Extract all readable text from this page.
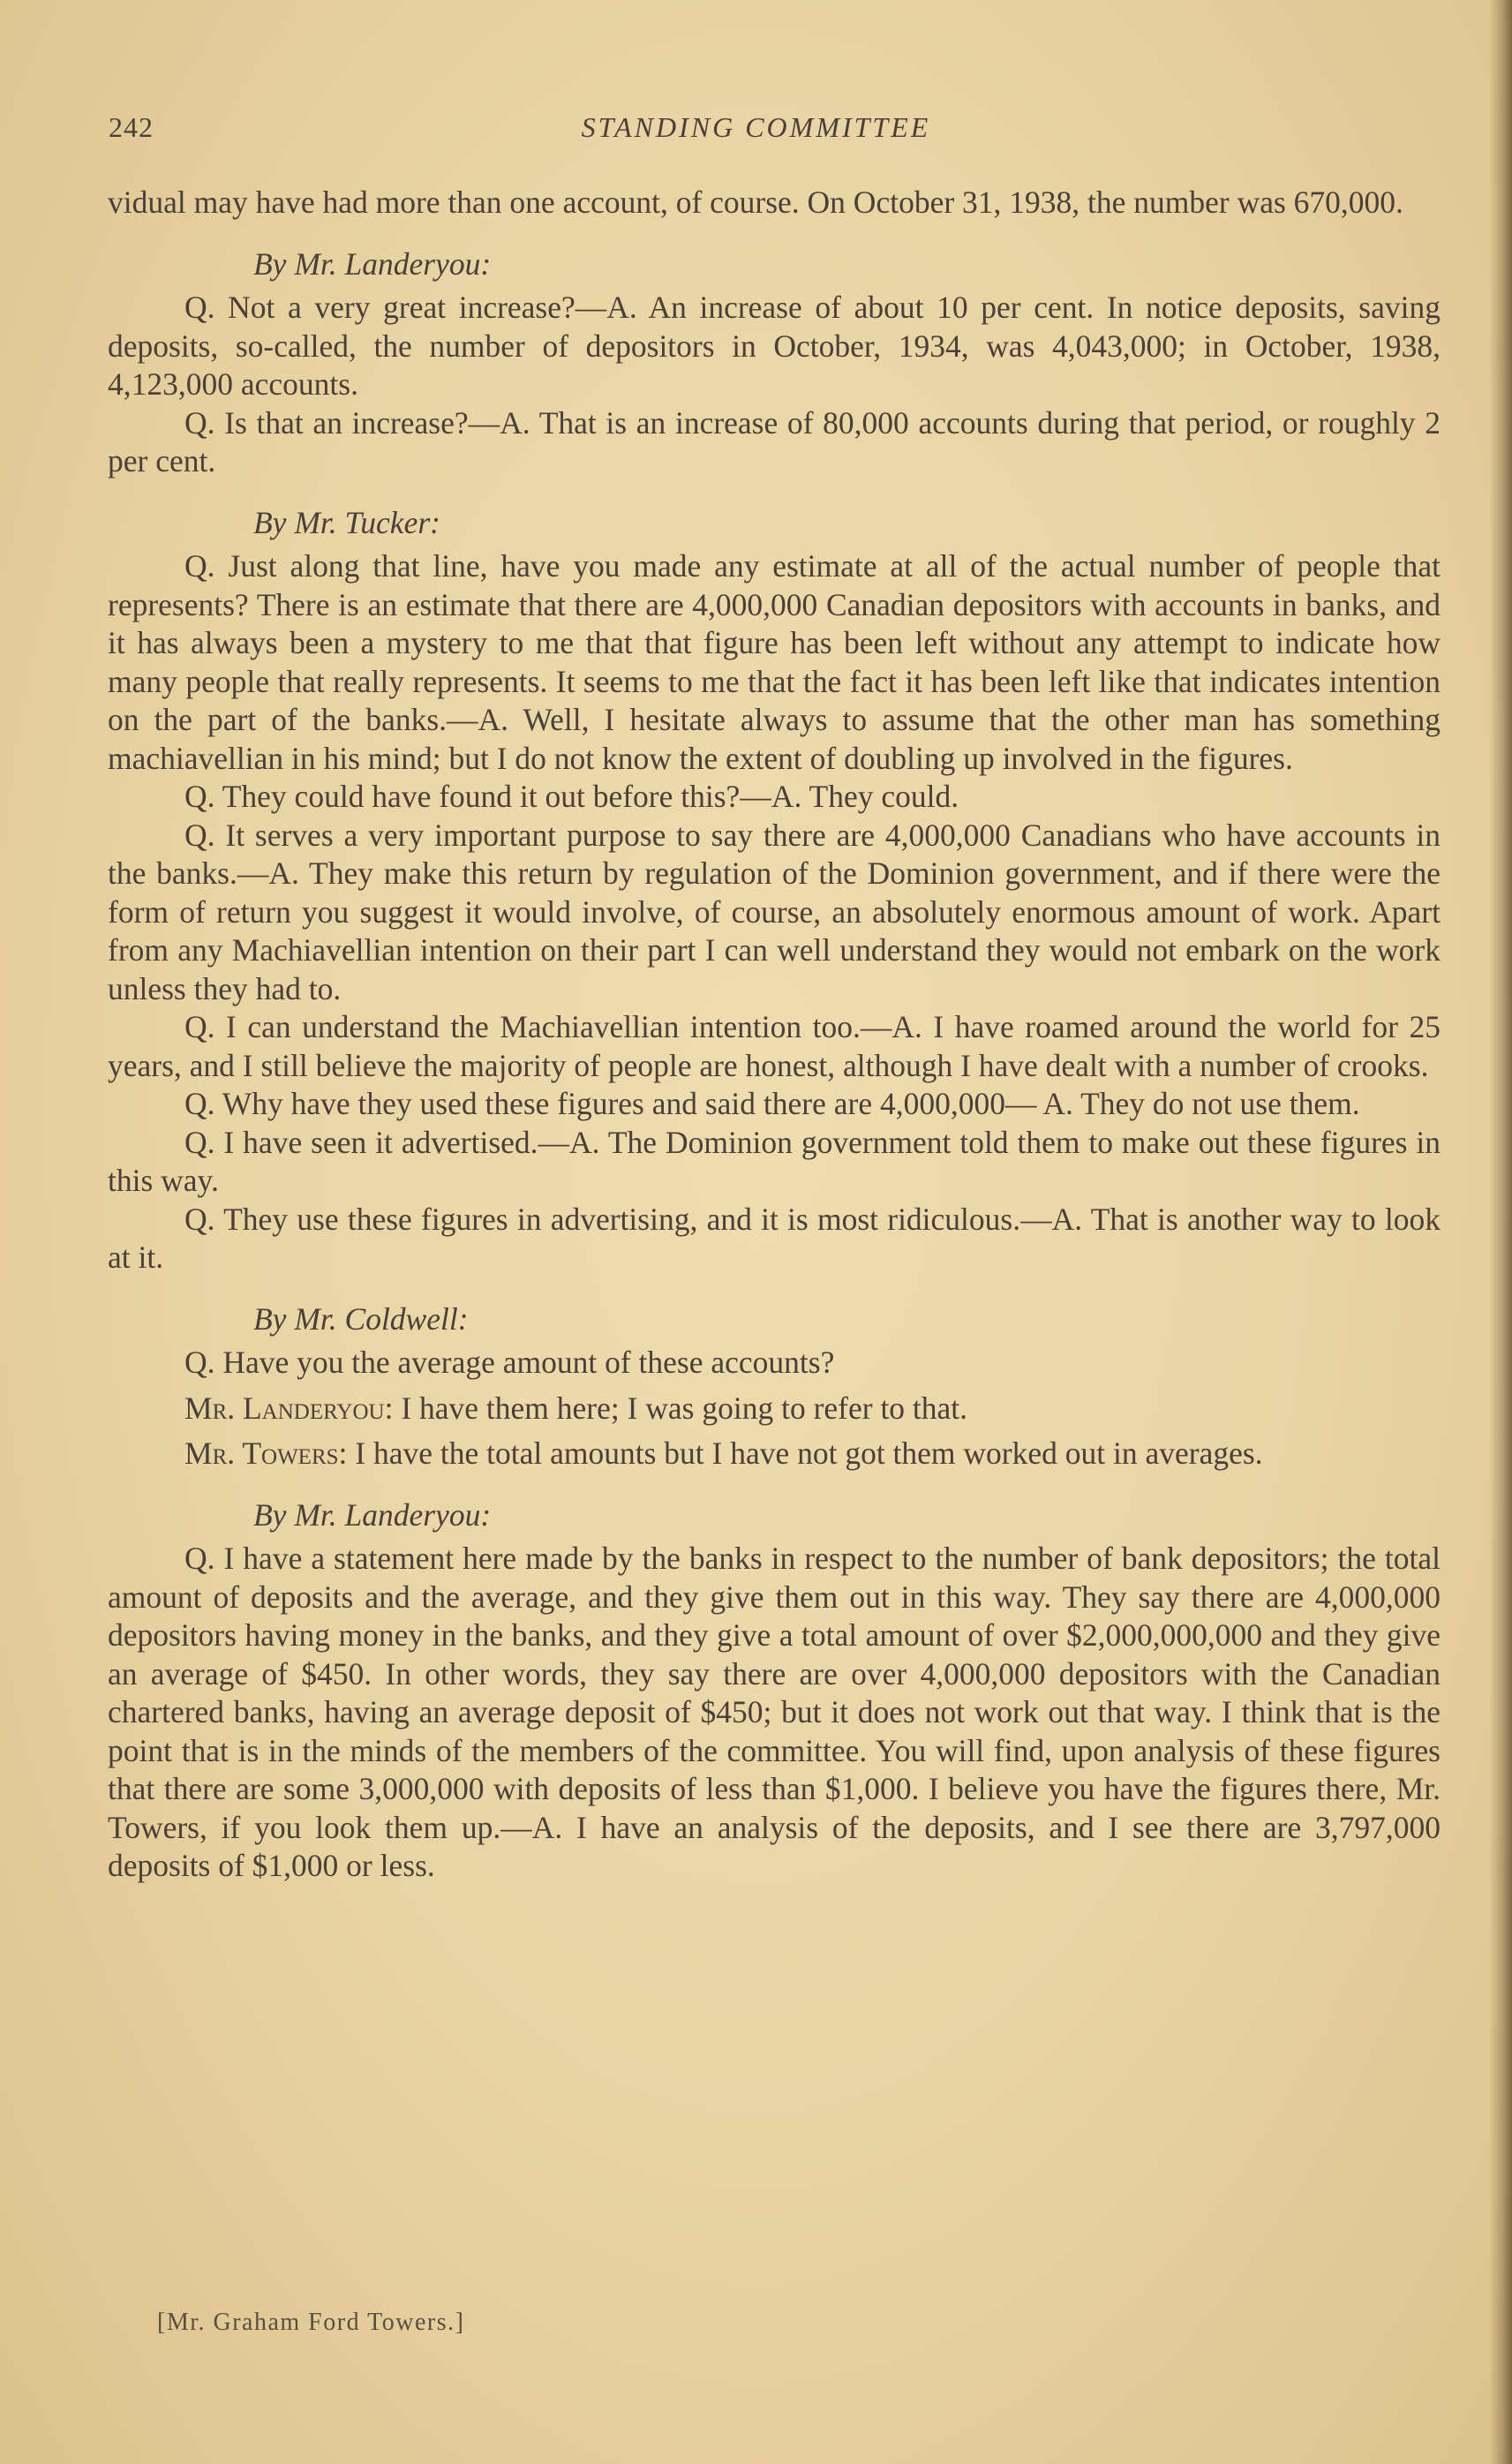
242	STANDING COMMITTEE

vidual may have had more than one account, of course. On October 31, 1938, the number was 670,000.

By Mr. Landeryou:

Q. Not a very great increase?—A. An increase of about 10 per cent. In notice deposits, saving deposits, so-called, the number of depositors in October, 1934, was 4,043,000; in October, 1938, 4,123,000 accounts.

Q. Is that an increase?—A. That is an increase of 80,000 accounts during that period, or roughly 2 per cent.

By Mr. Tucker:

Q. Just along that line, have you made any estimate at all of the actual number of people that represents? There is an estimate that there are 4,000,000 Canadian depositors with accounts in banks, and it has always been a mystery to me that that figure has been left without any attempt to indicate how many people that really represents. It seems to me that the fact it has been left like that indicates intention on the part of the banks.—A. Well, I hesitate always to assume that the other man has something machiavellian in his mind; but I do not know the extent of doubling up involved in the figures.

Q. They could have found it out before this?—A. They could.

Q. It serves a very important purpose to say there are 4,000,000 Canadians who have accounts in the banks.—A. They make this return by regulation of the Dominion government, and if there were the form of return you suggest it would involve, of course, an absolutely enormous amount of work. Apart from any Machiavellian intention on their part I can well understand they would not embark on the work unless they had to.

Q. I can understand the Machiavellian intention too.—A. I have roamed around the world for 25 years, and I still believe the majority of people are honest, although I have dealt with a number of crooks.

Q. Why have they used these figures and said there are 4,000,000— A. They do not use them.

Q. I have seen it advertised.—A. The Dominion government told them to make out these figures in this way.

Q. They use these figures in advertising, and it is most ridiculous.—A. That is another way to look at it.

By Mr. Coldwell:

Q. Have you the average amount of these accounts?

Mr. Landeryou: I have them here; I was going to refer to that.

Mr. Towers: I have the total amounts but I have not got them worked out in averages.

By Mr. Landeryou:

Q. I have a statement here made by the banks in respect to the number of bank depositors; the total amount of deposits and the average, and they give them out in this way. They say there are 4,000,000 depositors having money in the banks, and they give a total amount of over $2,000,000,000 and they give an average of $450. In other words, they say there are over 4,000,000 depositors with the Canadian chartered banks, having an average deposit of $450; but it does not work out that way. I think that is the point that is in the minds of the members of the committee. You will find, upon analysis of these figures that there are some 3,000,000 with deposits of less than $1,000. I believe you have the figures there, Mr. Towers, if you look them up.—A. I have an analysis of the deposits, and I see there are 3,797,000 deposits of $1,000 or less.

[Mr. Graham Ford Towers.]
